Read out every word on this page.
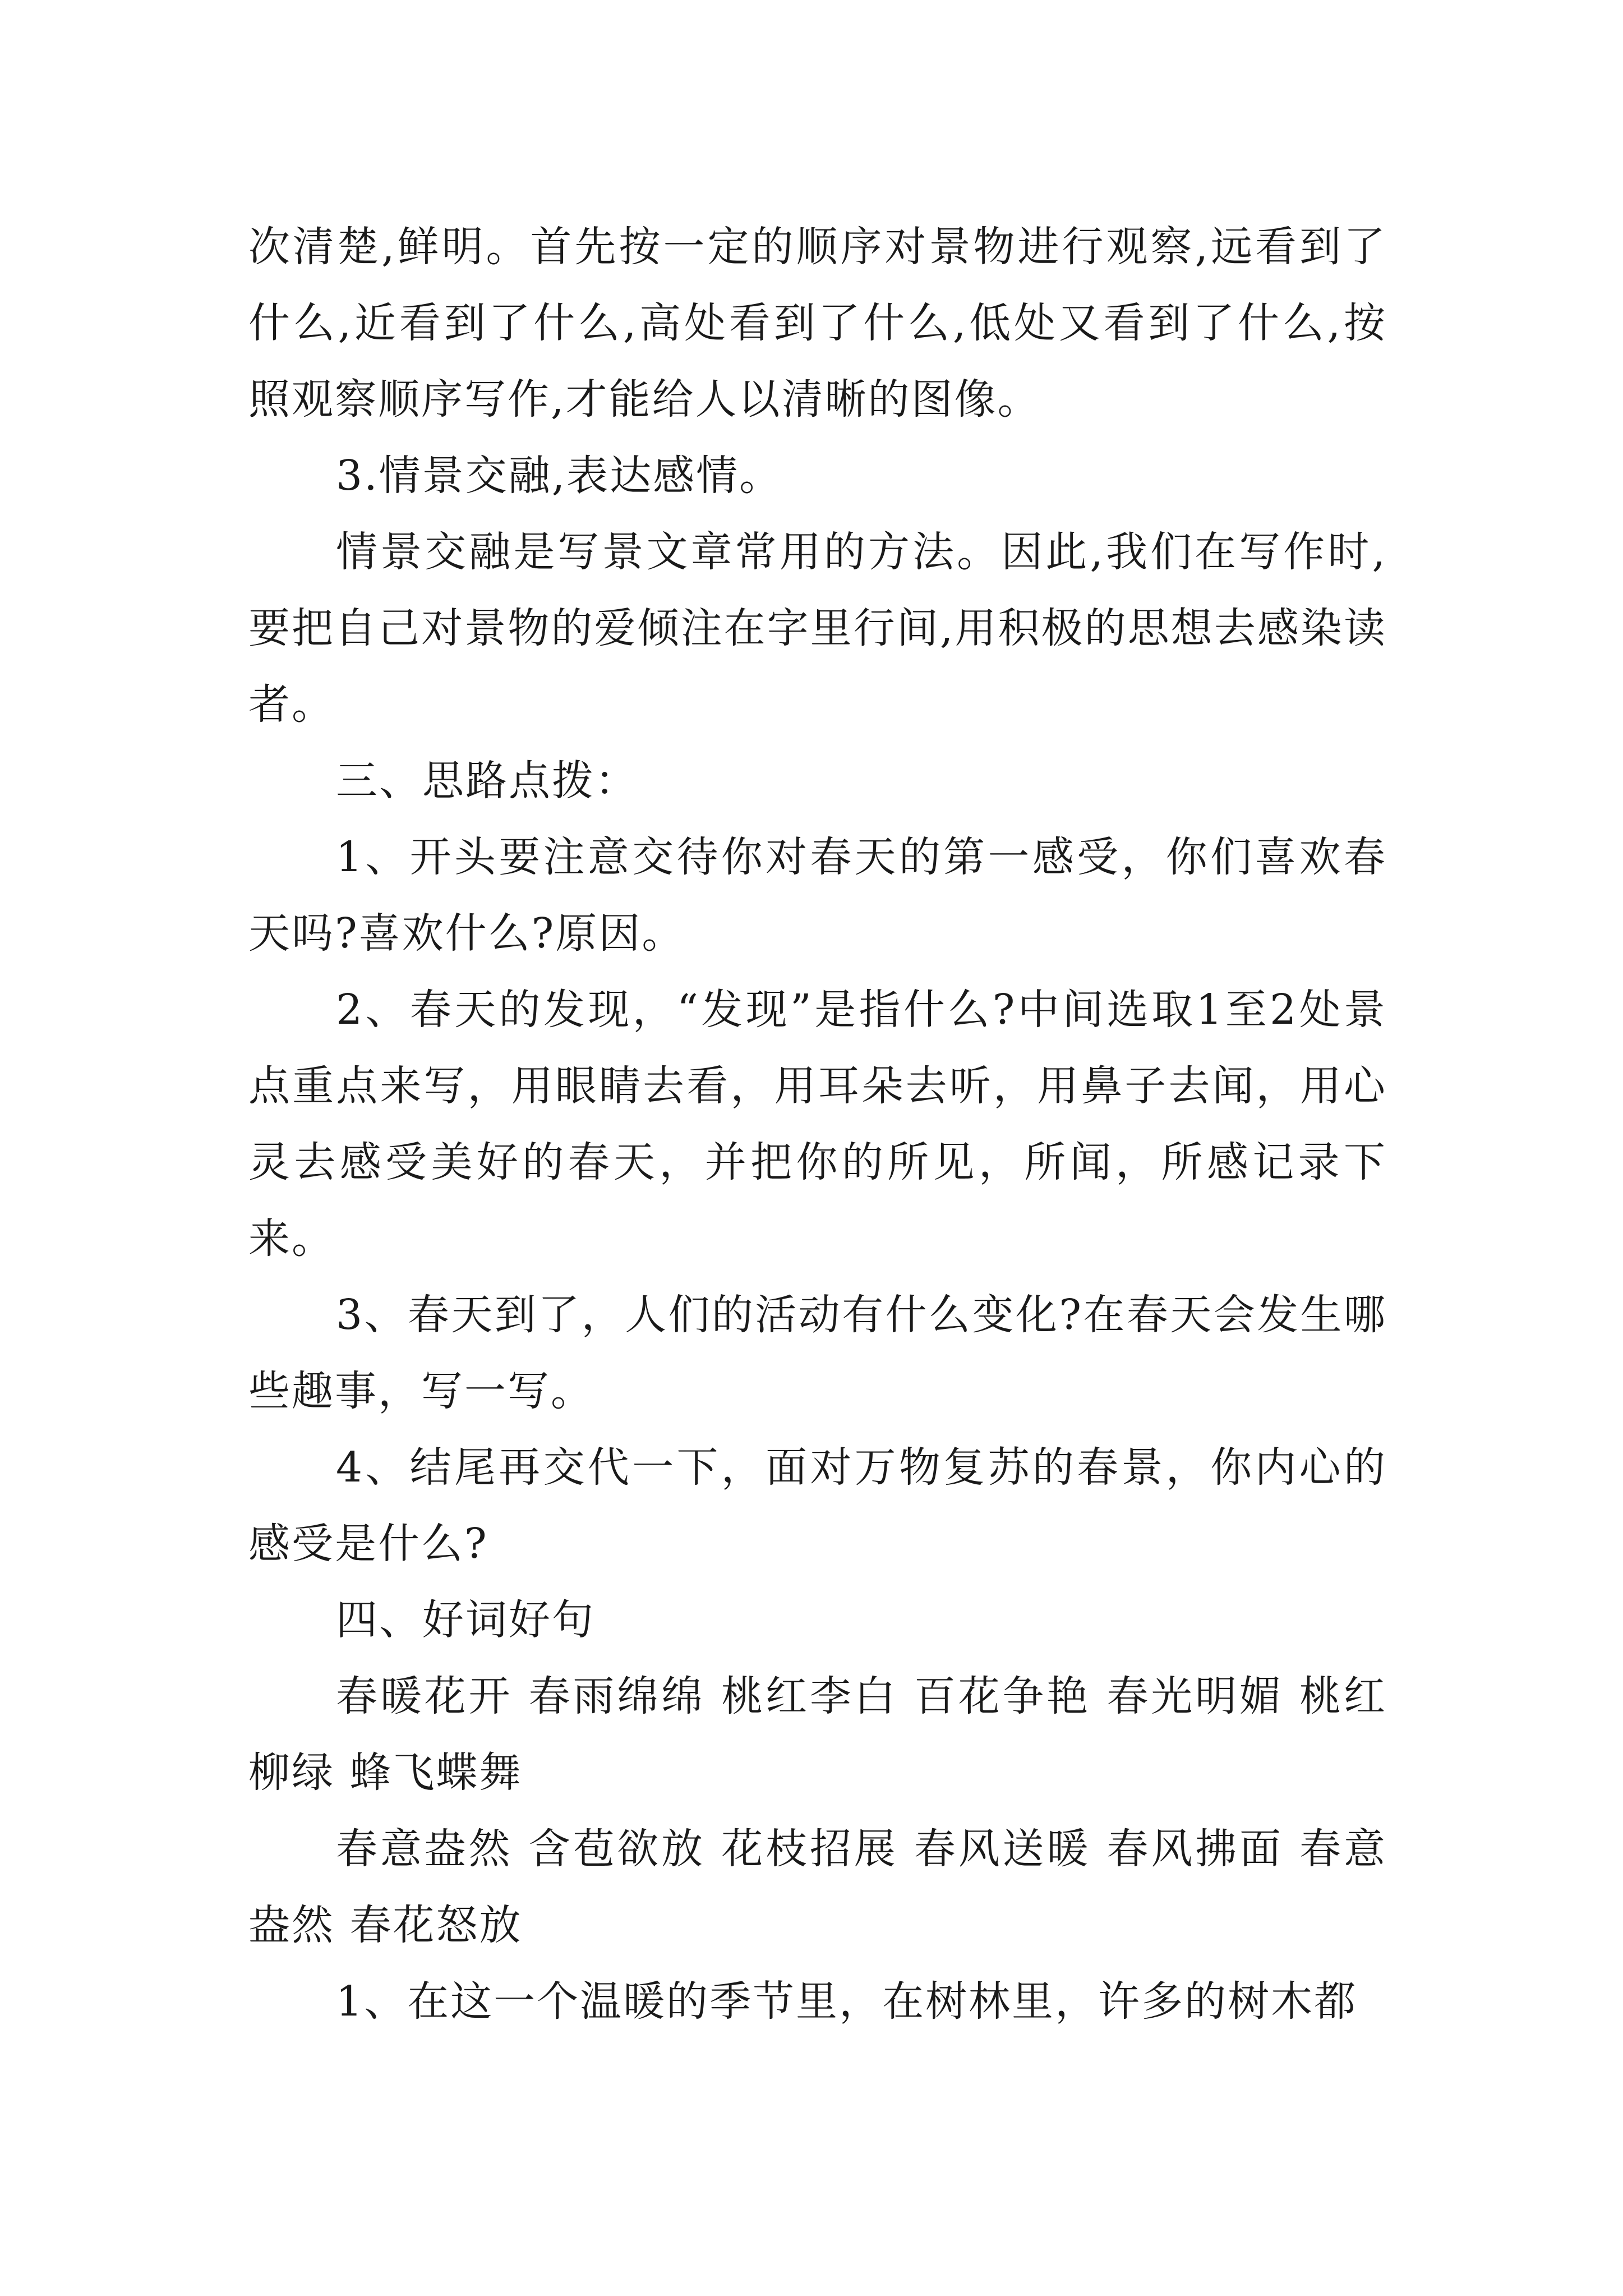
次清楚,鲜明。首先按一定的顺序对景物进行观察,远看到了什么,近看到了什么,高处看到了什么,低处又看到了什么,按照观察顺序写作,才能给人以清晰的图像。

3.情景交融,表达感情。

情景交融是写景文章常用的方法。因此,我们在写作时,要把自己对景物的爱倾注在字里行间,用积极的思想去感染读者。

三、思路点拨：

1、开头要注意交待你对春天的第一感受，你们喜欢春天吗?喜欢什么?原因。

2、春天的发现，“发现”是指什么?中间选取1至2处景点重点来写，用眼睛去看，用耳朵去听，用鼻子去闻，用心灵去感受美好的春天，并把你的所见，所闻，所感记录下来。

3、春天到了，人们的活动有什么变化?在春天会发生哪些趣事，写一写。

4、结尾再交代一下，面对万物复苏的春景，你内心的感受是什么?

四、好词好句

春暖花开 春雨绵绵 桃红李白 百花争艳 春光明媚 桃红柳绿 蜂飞蝶舞

春意盎然 含苞欲放 花枝招展 春风送暖 春风拂面 春意盎然 春花怒放

1、在这一个温暖的季节里，在树林里，许多的树木都
